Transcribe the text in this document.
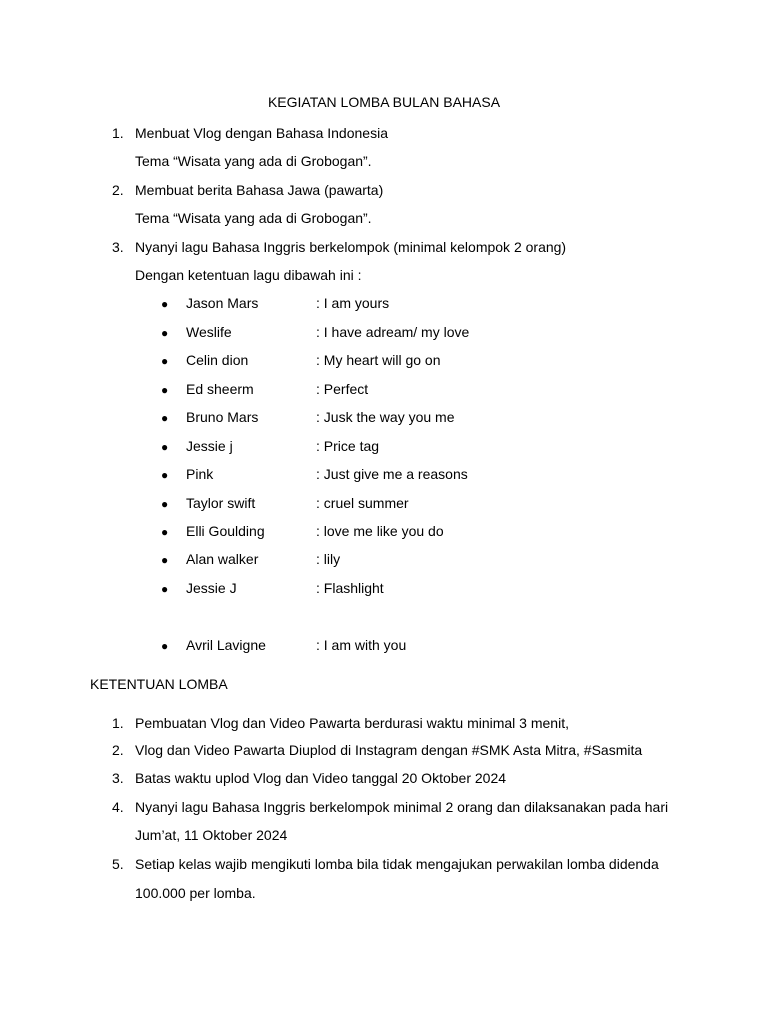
KEGIATAN LOMBA BULAN BAHASA
1. Menbuat Vlog dengan Bahasa Indonesia
Tema “Wisata yang ada di Grobogan”.
2. Membuat berita Bahasa Jawa (pawarta)
Tema “Wisata yang ada di Grobogan”.
3. Nyanyi lagu Bahasa Inggris berkelompok (minimal kelompok 2 orang)
Dengan ketentuan lagu dibawah ini :
● Jason Mars	: I am yours
● Weslife	: I have adream/ my love
● Celin dion	: My heart will go on
● Ed sheerm	: Perfect
● Bruno Mars	: Jusk the way you me
● Jessie j	: Price tag
● Pink	: Just give me a reasons
● Taylor swift	: cruel summer
● Elli Goulding	: love me like you do
● Alan walker	: lily
● Jessie J	: Flashlight
● Avril Lavigne	: I am with you
KETENTUAN LOMBA
1. Pembuatan Vlog dan Video Pawarta berdurasi waktu minimal 3 menit,
2. Vlog dan Video Pawarta Diuplod di Instagram dengan #SMK Asta Mitra, #Sasmita
3. Batas waktu uplod Vlog dan Video tanggal 20 Oktober 2024
4. Nyanyi lagu Bahasa Inggris berkelompok minimal 2 orang dan dilaksanakan pada hari
Jum’at, 11 Oktober 2024
5. Setiap kelas wajib mengikuti lomba bila tidak mengajukan perwakilan lomba didenda
100.000 per lomba.
